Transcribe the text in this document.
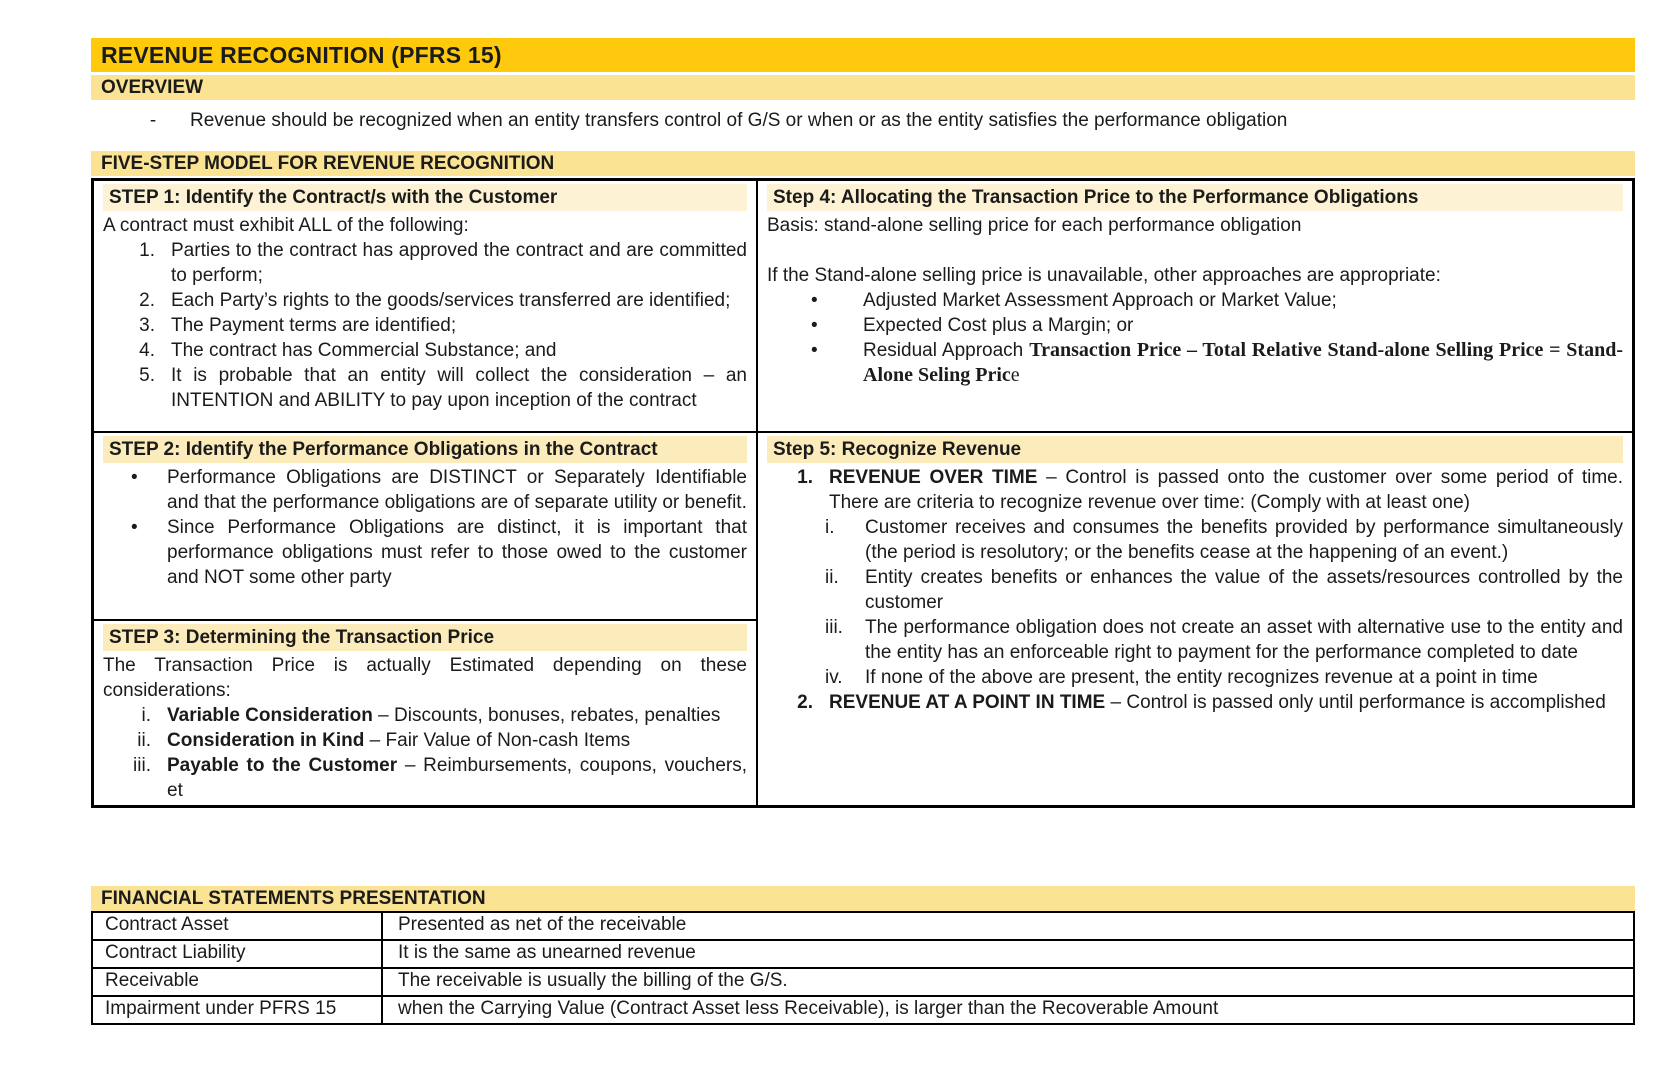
REVENUE RECOGNITION (PFRS 15)
OVERVIEW
- Revenue should be recognized when an entity transfers control of G/S or when or as the entity satisfies the performance obligation
FIVE-STEP MODEL FOR REVENUE RECOGNITION
STEP 1: Identify the Contract/s with the Customer
A contract must exhibit ALL of the following:
1. Parties to the contract has approved the contract and are committed to perform;
2. Each Party’s rights to the goods/services transferred are identified;
3. The Payment terms are identified;
4. The contract has Commercial Substance; and
5. It is probable that an entity will collect the consideration – an INTENTION and ABILITY to pay upon inception of the contract
STEP 2: Identify the Performance Obligations in the Contract
•	Performance Obligations are DISTINCT or Separately Identifiable and that the performance obligations are of separate utility or benefit.
•	Since Performance Obligations are distinct, it is important that performance obligations must refer to those owed to the customer and NOT some other party
STEP 3: Determining the Transaction Price
The Transaction Price is actually Estimated depending on these considerations:
i. Variable Consideration – Discounts, bonuses, rebates, penalties
ii. Consideration in Kind – Fair Value of Non-cash Items
iii. Payable to the Customer – Reimbursements, coupons, vouchers, et
Step 4: Allocating the Transaction Price to the Performance Obligations
Basis: stand-alone selling price for each performance obligation
If the Stand-alone selling price is unavailable, other approaches are appropriate:
•	Adjusted Market Assessment Approach or Market Value;
•	Expected Cost plus a Margin; or
•	Residual Approach Transaction Price – Total Relative Stand-alone Selling Price = Stand-Alone Seling Price
Step 5: Recognize Revenue
1. REVENUE OVER TIME – Control is passed onto the customer over some period of time. There are criteria to recognize revenue over time: (Comply with at least one)
i.	Customer receives and consumes the benefits provided by performance simultaneously (the period is resolutory; or the benefits cease at the happening of an event.)
ii.	Entity creates benefits or enhances the value of the assets/resources controlled by the customer
iii.	The performance obligation does not create an asset with alternative use to the entity and the entity has an enforceable right to payment for the performance completed to date
iv.	If none of the above are present, the entity recognizes revenue at a point in time
2. REVENUE AT A POINT IN TIME – Control is passed only until performance is accomplished
FINANCIAL STATEMENTS PRESENTATION
Contract Asset	Presented as net of the receivable
Contract Liability	It is the same as unearned revenue
Receivable	The receivable is usually the billing of the G/S.
Impairment under PFRS 15	when the Carrying Value (Contract Asset less Receivable), is larger than the Recoverable Amount
